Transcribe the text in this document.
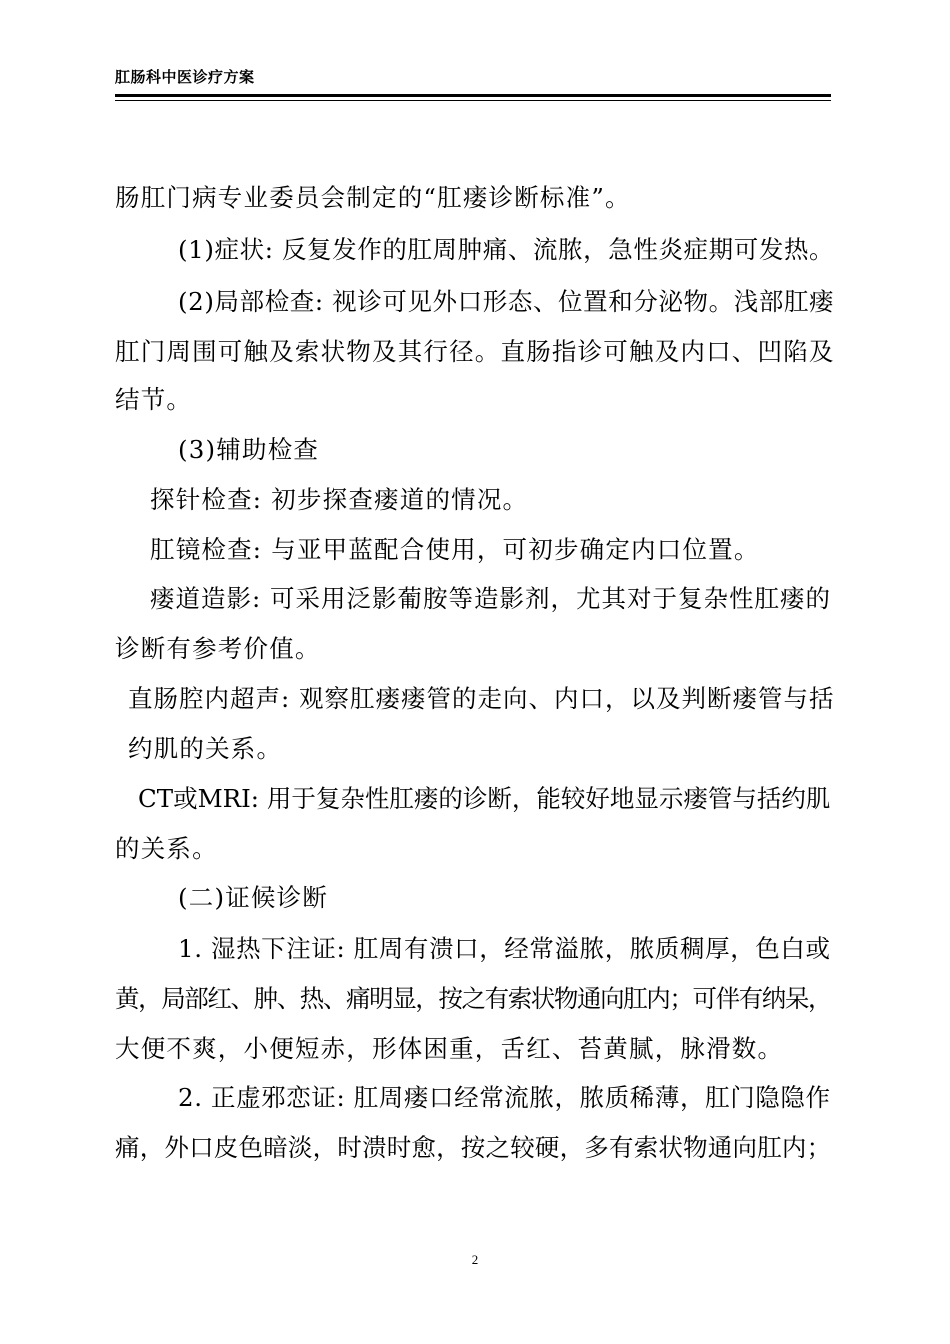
肛肠科中医诊疗方案
肠肛门病专业委员会制定的“肛瘘诊断标准”。
(1)症状: 反复发作的肛周肿痛、流脓，急性炎症期可发热。
(2)局部检查: 视诊可见外口形态、位置和分泌物。浅部肛瘘
肛门周围可触及索状物及其行径。直肠指诊可触及内口、凹陷及
结节。
(3)辅助检查
探针检查: 初步探查瘘道的情况。
肛镜检查: 与亚甲蓝配合使用，可初步确定内口位置。
瘘道造影: 可采用泛影葡胺等造影剂，尤其对于复杂性肛瘘的
诊断有参考价值。
直肠腔内超声: 观察肛瘘瘘管的走向、内口，以及判断瘘管与括
约肌的关系。
CT或MRI: 用于复杂性肛瘘的诊断，能较好地显示瘘管与括约肌
的关系。
(二)证候诊断
1. 湿热下注证: 肛周有溃口，经常溢脓，脓质稠厚，色白或
黄，局部红、肿、热、痛明显，按之有索状物通向肛内；可伴有纳呆，
大便不爽，小便短赤，形体困重，舌红、苔黄腻，脉滑数。
2. 正虚邪恋证: 肛周瘘口经常流脓，脓质稀薄，肛门隐隐作
痛，外口皮色暗淡，时溃时愈，按之较硬，多有索状物通向肛内；
2
